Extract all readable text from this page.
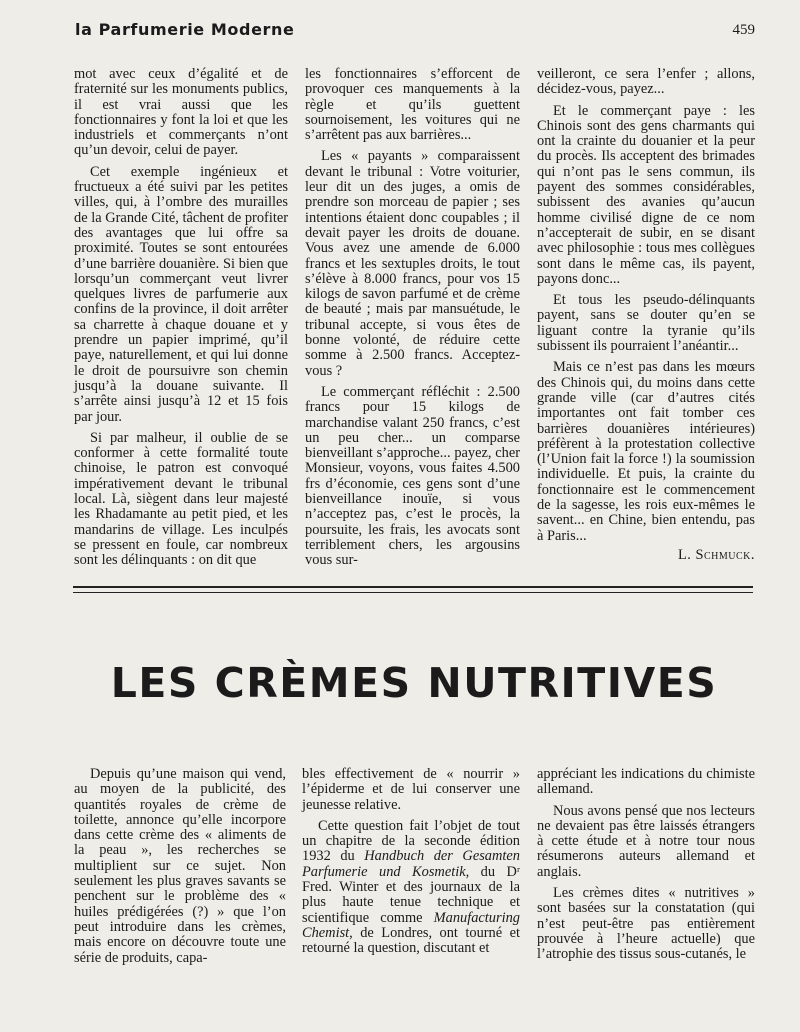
la Parfumerie Moderne	459

mot avec ceux d’égalité et de fraternité sur les monuments publics, il est vrai aussi que les fonctionnaires y font la loi et que les industriels et commerçants n’ont qu’un devoir, celui de payer.

Cet exemple ingénieux et fructueux a été suivi par les petites villes, qui, à l’ombre des murailles de la Grande Cité, tâchent de profiter des avantages que lui offre sa proximité. Toutes se sont entourées d’une barrière douanière. Si bien que lorsqu’un commerçant veut livrer quelques livres de parfumerie aux confins de la province, il doit arrêter sa charrette à chaque douane et y prendre un papier imprimé, qu’il paye, naturellement, et qui lui donne le droit de poursuivre son chemin jusqu’à la douane suivante. Il s’arrête ainsi jusqu’à 12 et 15 fois par jour.

Si par malheur, il oublie de se conformer à cette formalité toute chinoise, le patron est convoqué impérativement devant le tribunal local. Là, siègent dans leur majesté les Rhadamante au petit pied, et les mandarins de village. Les inculpés se pressent en foule, car nombreux sont les délinquants : on dit que

les fonctionnaires s’efforcent de provoquer ces manquements à la règle et qu’ils guettent sournoisement, les voitures qui ne s’arrêtent pas aux barrières...

Les « payants » comparaissent devant le tribunal : Votre voiturier, leur dit un des juges, a omis de prendre son morceau de papier ; ses intentions étaient donc coupables ; il devait payer les droits de douane. Vous avez une amende de 6.000 francs et les sextuples droits, le tout s’élève à 8.000 francs, pour vos 15 kilogs de savon parfumé et de crème de beauté ; mais par mansuétude, le tribunal accepte, si vous êtes de bonne volonté, de réduire cette somme à 2.500 francs. Acceptez-vous ?

Le commerçant réfléchit : 2.500 francs pour 15 kilogs de marchandise valant 250 francs, c’est un peu cher... un comparse bienveillant s’approche... payez, cher Monsieur, voyons, vous faites 4.500 frs d’économie, ces gens sont d’une bienveillance inouïe, si vous n’acceptez pas, c’est le procès, la poursuite, les frais, les avocats sont terriblement chers, les argousins vous sur-

veilleront, ce sera l’enfer ; allons, décidez-vous, payez...

Et le commerçant paye : les Chinois sont des gens charmants qui ont la crainte du douanier et la peur du procès. Ils acceptent des brimades qui n’ont pas le sens commun, ils payent des sommes considérables, subissent des avanies qu’aucun homme civilisé digne de ce nom n’accepterait de subir, en se disant avec philosophie : tous mes collègues sont dans le même cas, ils payent, payons donc...

Et tous les pseudo-délinquants payent, sans se douter qu’en se liguant contre la tyranie qu’ils subissent ils pourraient l’anéantir...

Mais ce n’est pas dans les mœurs des Chinois qui, du moins dans cette grande ville (car d’autres cités importantes ont fait tomber ces barrières douanières intérieures) préfèrent à la protestation collective (l’Union fait la force !) la soumission individuelle. Et puis, la crainte du fonctionnaire est le commencement de la sagesse, les rois eux-mêmes le savent... en Chine, bien entendu, pas à Paris...

L. Schmuck.
LES CRÈMES NUTRITIVES

Depuis qu’une maison qui vend, au moyen de la publicité, des quantités royales de crème de toilette, annonce qu’elle incorpore dans cette crème des « aliments de la peau », les recherches se multiplient sur ce sujet. Non seulement les plus graves savants se penchent sur le problème des « huiles prédigérées (?) » que l’on peut introduire dans les crèmes, mais encore on découvre toute une série de produits, capa-

bles effectivement de « nourrir » l’épiderme et de lui conserver une jeunesse relative.

Cette question fait l’objet de tout un chapitre de la seconde édition 1932 du Handbuch der Gesamten Parfumerie und Kosmetik, du Dʳ Fred. Winter et des journaux de la plus haute tenue technique et scientifique comme Manufacturing Chemist, de Londres, ont tourné et retourné la question, discutant et

appréciant les indications du chimiste allemand.

Nous avons pensé que nos lecteurs ne devaient pas être laissés étrangers à cette étude et à notre tour nous résumerons auteurs allemand et anglais.

Les crèmes dites « nutritives » sont basées sur la constatation (qui n’est peut-être pas entièrement prouvée à l’heure actuelle) que l’atrophie des tissus sous-cutanés, le
